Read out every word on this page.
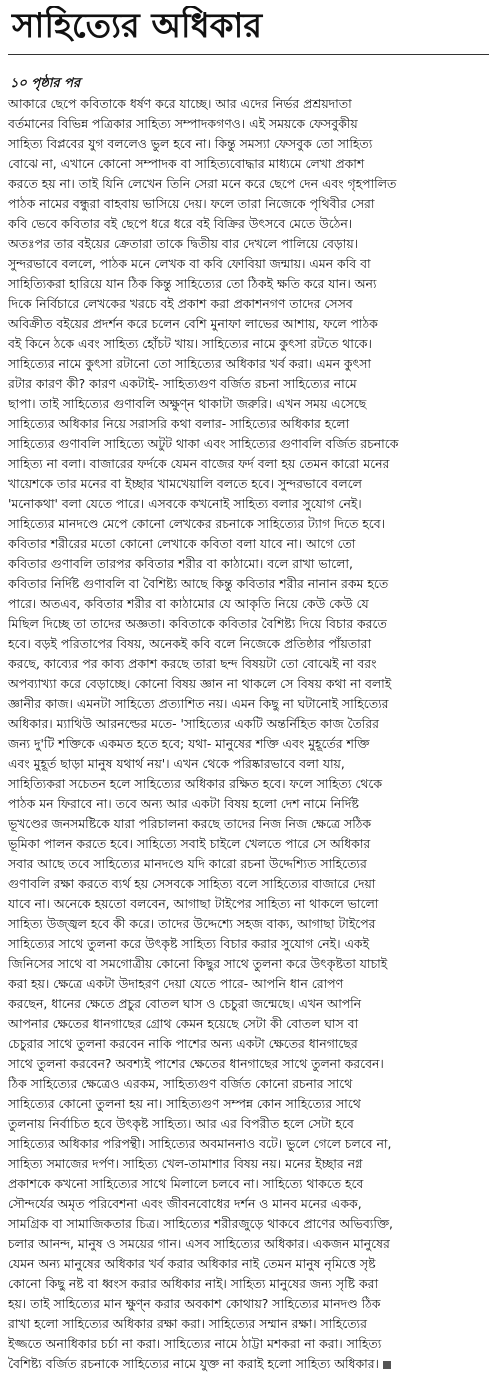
সাহিত্যের অধিকার
১০ পৃষ্ঠার পর
আকারে ছেপে কবিতাকে ধর্ষণ করে যাচ্ছে। আর এদের নির্ভর প্রশ্রয়দাতা
বর্তমানের বিভিন্ন পত্রিকার সাহিত্য সম্পাদকগণও। এই সময়কে ফেসবুকীয়
সাহিত্য বিপ্লবের যুগ বললেও ভুল হবে না। কিন্তু সমস্যা ফেসবুক তো সাহিত্য
বোঝে না, এখানে কোনো সম্পাদক বা সাহিত্যবোদ্ধার মাধ্যমে লেখা প্রকাশ
করতে হয় না। তাই যিনি লেখেন তিনি সেরা মনে করে ছেপে দেন এবং গৃহপালিত
পাঠক নামের বন্ধুরা বাহবায় ভাসিয়ে দেয়। ফলে তারা নিজেকে পৃথিবীর সেরা
কবি ভেবে কবিতার বই ছেপে ধরে ধরে বই বিক্রির উৎসবে মেতে উঠেন।
অতঃপর তার বইয়ের ক্রেতারা তাকে দ্বিতীয় বার দেখলে পালিয়ে বেড়ায়।
সুন্দরভাবে বললে, পাঠক মনে লেখক বা কবি ফোবিয়া জন্মায়। এমন কবি বা
সাহিত্যিকরা হারিয়ে যান ঠিক কিন্তু সাহিত্যের তো ঠিকই ক্ষতি করে যান। অন্য
দিকে নির্বিচারে লেখকের খরচে বই প্রকাশ করা প্রকাশনগণ তাদের সেসব
অবিক্রীত বইয়ের প্রদর্শন করে চলেন বেশি মুনাফা লাভের আশায়, ফলে পাঠক
বই কিনে ঠকে এবং সাহিত্য হোঁচট খায়। সাহিত্যের নামে কুৎসা রটতে থাকে।
সাহিত্যের নামে কুৎসা রটানো তো সাহিত্যের অধিকার খর্ব করা। এমন কুৎসা
রটার কারণ কী? কারণ একটাই- সাহিত্যগুণ বর্জিত রচনা সাহিত্যের নামে
ছাপা। তাই সাহিত্যের গুণাবলি অক্ষুণ্ন থাকাটা জরুরি। এখন সময় এসেছে
সাহিত্যের অধিকার নিয়ে সরাসরি কথা বলার- সাহিত্যের অধিকার হলো
সাহিত্যের গুণাবলি সাহিত্যে অটুট থাকা এবং সাহিত্যের গুণাবলি বর্জিত রচনাকে
সাহিত্য না বলা। বাজারের ফর্দকে যেমন বাজের ফর্দ বলা হয় তেমন কারো মনের
খায়েশকে তার মনের বা ইচ্ছার খামখেয়ালি বলতে হবে। সুন্দরভাবে বললে
'মনোকথা' বলা যেতে পারে। এসবকে কখনোই সাহিত্য বলার সুযোগ নেই।
সাহিত্যের মানদণ্ডে মেপে কোনো লেখকের রচনাকে সাহিত্যের ট্যাগ দিতে হবে।
কবিতার শরীরের মতো কোনো লেখাকে কবিতা বলা যাবে না। আগে তো
কবিতার গুণাবলি তারপর কবিতার শরীর বা কাঠামো। বলে রাখা ভালো,
কবিতার নির্দিষ্ট গুণাবলি বা বৈশিষ্ট্য আছে কিন্তু কবিতার শরীর নানান রকম হতে
পারে। অতএব, কবিতার শরীর বা কাঠামোর যে আকৃতি নিয়ে কেউ কেউ যে
মিছিল দিচ্ছে তা তাদের অজ্ঞতা। কবিতাকে কবিতার বৈশিষ্ট্য দিয়ে বিচার করতে
হবে। বড়ই পরিতাপের বিষয়, অনেকই কবি বলে নিজেকে প্রতিষ্ঠার পাঁয়তারা
করছে, কাব্যের পর কাব্য প্রকাশ করছে তারা ছন্দ বিষয়টা তো বোঝেই না বরং
অপব্যাখ্যা করে বেড়াচ্ছে। কোনো বিষয় জ্ঞান না থাকলে সে বিষয় কথা না বলাই
জ্ঞানীর কাজ। এমনটা সাহিত্যে প্রত্যাশিত নয়। এমন কিছু না ঘটানোই সাহিত্যের
অধিকার। ম্যাথিউ আরনল্ডের মতে- 'সাহিত্যের একটি অন্তর্নিহিত কাজ তৈরির
জন্য দু'টি শক্তিকে একমত হতে হবে; যথা- মানুষের শক্তি এবং মুহূর্তের শক্তি
এবং মুহূর্ত ছাড়া মানুষ যথার্থ নয়'। এখন থেকে পরিষ্কারভাবে বলা যায়,
সাহিত্যিকরা সচেতন হলে সাহিত্যের অধিকার রক্ষিত হবে। ফলে সাহিত্য থেকে
পাঠক মন ফিরাবে না। তবে অন্য আর একটা বিষয় হলো দেশ নামে নির্দিষ্ট
ভূখণ্ডের জনসমষ্টিকে যারা পরিচালনা করছে তাদের নিজ নিজ ক্ষেত্রে সঠিক
ভূমিকা পালন করতে হবে। সাহিত্যে সবাই চাইলে খেলতে পারে সে অধিকার
সবার আছে তবে সাহিত্যের মানদণ্ডে যদি কারো রচনা উদ্দেশ্যিত সাহিত্যের
গুণাবলি রক্ষা করতে ব্যর্থ হয় সেসবকে সাহিত্য বলে সাহিত্যের বাজারে দেয়া
যাবে না। অনেকে হয়তো বলবেন, আগাছা টাইপের সাহিত্য না থাকলে ভালো
সাহিত্য উজ্জ্বল হবে কী করে। তাদের উদ্দেশ্যে সহজ বাক্য, আগাছা টাইপের
সাহিত্যের সাথে তুলনা করে উৎকৃষ্ট সাহিত্য বিচার করার সুযোগ নেই। একই
জিনিসের সাথে বা সমগোত্রীয় কোনো কিছুর সাথে তুলনা করে উৎকৃষ্টতা যাচাই
করা হয়। ক্ষেত্রে একটা উদাহরণ দেয়া যেতে পারে- আপনি ধান রোপণ
করছেন, ধানের ক্ষেতে প্রচুর বোতল ঘাস ও চেচুরা জন্মেছে। এখন আপনি
আপনার ক্ষেতের ধানগাছের গ্রোথ কেমন হয়েছে সেটা কী বোতল ঘাস বা
চেচুরার সাথে তুলনা করবেন নাকি পাশের অন্য একটা ক্ষেতের ধানগাছের
সাথে তুলনা করবেন? অবশ্যই পাশের ক্ষেতের ধানগাছের সাথে তুলনা করবেন।
ঠিক সাহিত্যের ক্ষেত্রেও এরকম, সাহিত্যগুণ বর্জিত কোনো রচনার সাথে
সাহিত্যের কোনো তুলনা হয় না। সাহিত্যগুণ সম্পন্ন কোন সাহিত্যের সাথে
তুলনায় নির্বাচিত হবে উৎকৃষ্ট সাহিত্য। আর এর বিপরীত হলে সেটা হবে
সাহিত্যের অধিকার পরিপন্থী। সাহিত্যের অবমাননাও বটে। ভুলে গেলে চলবে না,
সাহিত্য সমাজের দর্পণ। সাহিত্য খেল-তামাশার বিষয় নয়। মনের ইচ্ছার নগ্ন
প্রকাশকে কখনো সাহিত্যের সাথে মিলালে চলবে না। সাহিত্যে থাকতে হবে
সৌন্দর্যের অমৃত পরিবেশনা এবং জীবনবোধের দর্শন ও মানব মনের একক,
সামগ্রিক বা সামাজিকতার চিত্র। সাহিত্যের শরীরজুড়ে থাকবে প্রাণের অভিব্যক্তি,
চলার আনন্দ, মানুষ ও সময়ের গান। এসব সাহিত্যের অধিকার। একজন মানুষের
যেমন অন্য মানুষের অধিকার খর্ব করার অধিকার নাই তেমন মানুষ নৃমিত্তে সৃষ্ট
কোনো কিছু নষ্ট বা ধ্বংস করার অধিকার নাই। সাহিত্য মানুষের জন্য সৃষ্টি করা
হয়। তাই সাহিত্যের মান ক্ষুণ্ন করার অবকাশ কোথায়? সাহিত্যের মানদণ্ড ঠিক
রাখা হলো সাহিত্যের অধিকার রক্ষা করা। সাহিত্যের সম্মান রক্ষা। সাহিত্যের
ইজ্জতে অনাধিকার চর্চা না করা। সাহিত্যের নামে ঠাট্টা মশকরা না করা। সাহিত্য
বৈশিষ্ট্য বর্জিত রচনাকে সাহিত্যের নামে যুক্ত না করাই হলো সাহিত্য অধিকার।
